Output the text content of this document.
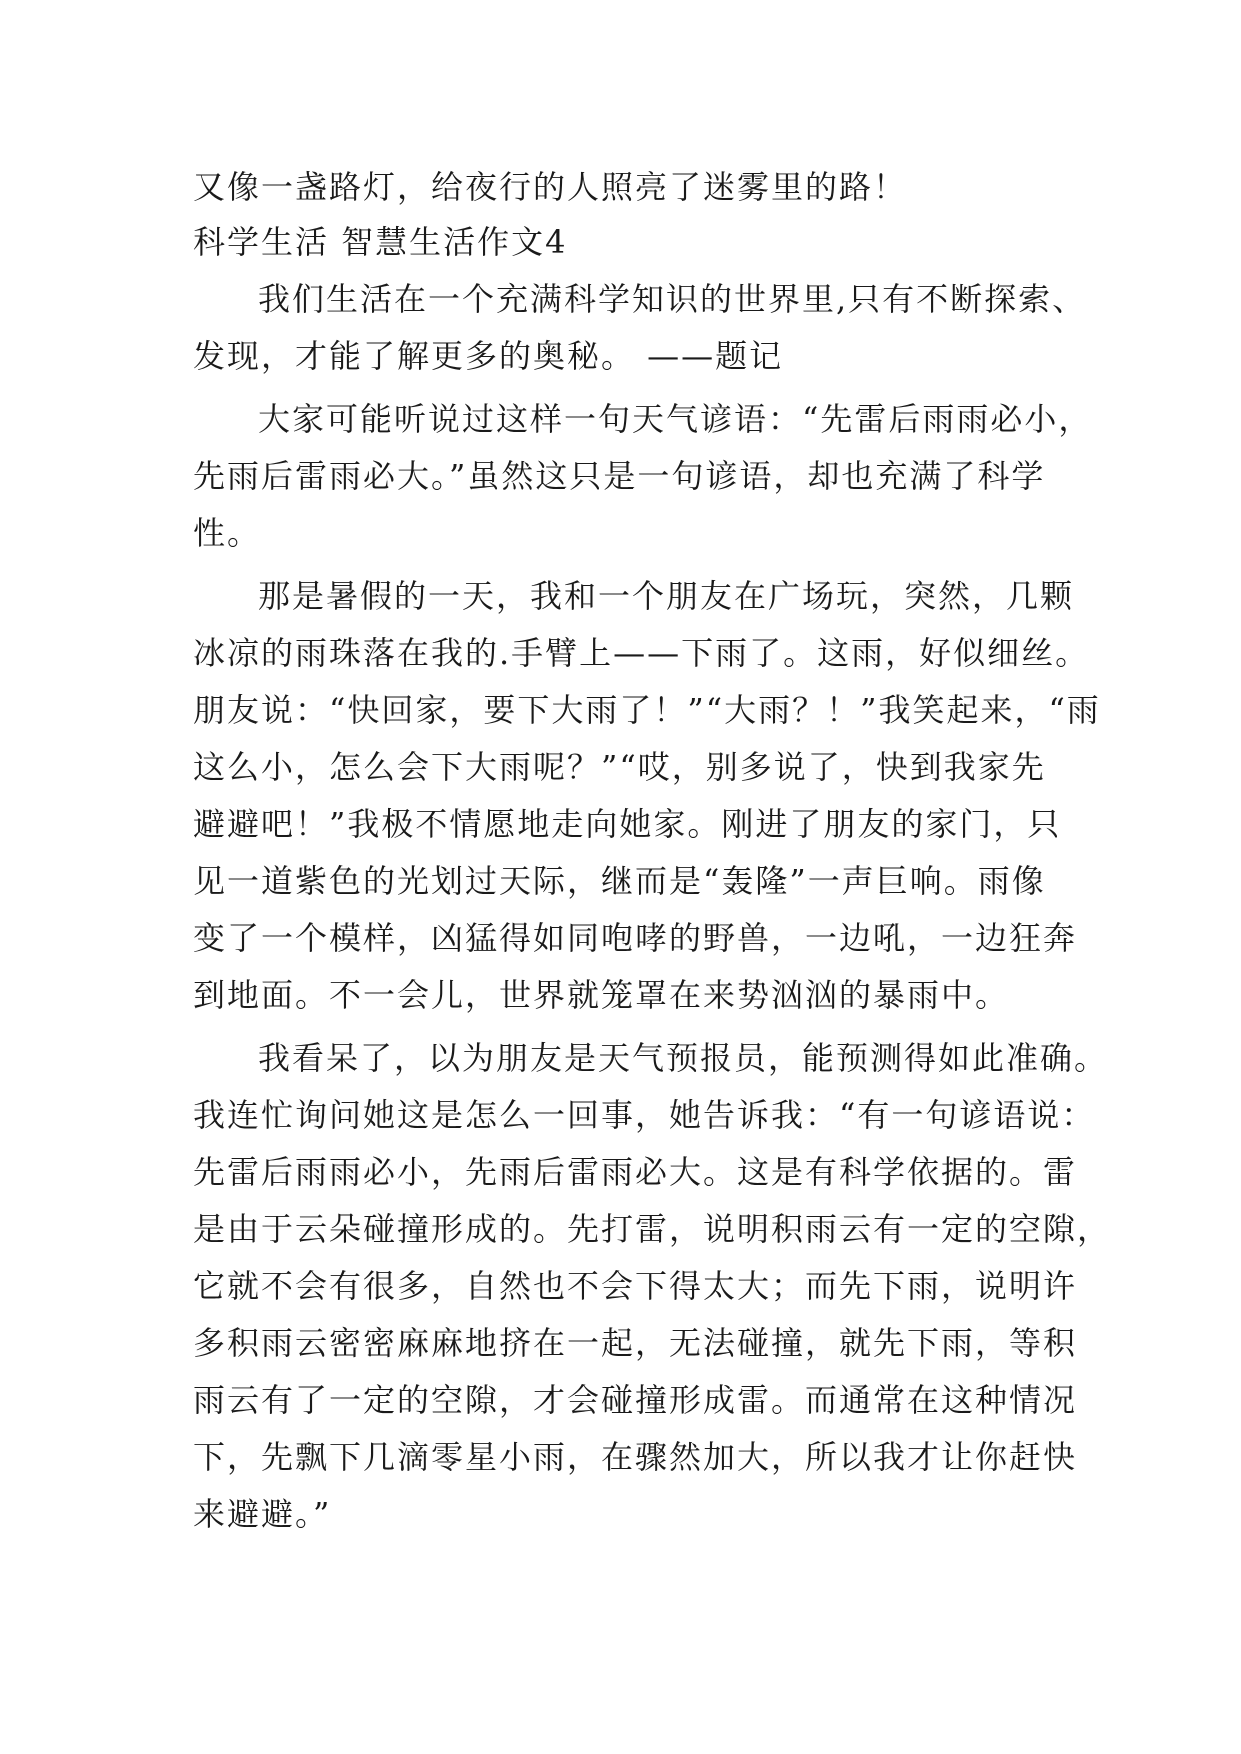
又像一盏路灯，给夜行的人照亮了迷雾里的路！
科学生活 智慧生活作文4
我们生活在一个充满科学知识的世界里,只有不断探索、
发现，才能了解更多的奥秘。 ——题记
大家可能听说过这样一句天气谚语：“先雷后雨雨必小，
先雨后雷雨必大。”虽然这只是一句谚语，却也充满了科学
性。
那是暑假的一天，我和一个朋友在广场玩，突然，几颗
冰凉的雨珠落在我的.手臂上——下雨了。这雨，好似细丝。
朋友说：“快回家，要下大雨了！”“大雨？！”我笑起来，“雨
这么小，怎么会下大雨呢？”“哎，别多说了，快到我家先
避避吧！”我极不情愿地走向她家。刚进了朋友的家门，只
见一道紫色的光划过天际，继而是“轰隆”一声巨响。雨像
变了一个模样，凶猛得如同咆哮的野兽，一边吼，一边狂奔
到地面。不一会儿，世界就笼罩在来势汹汹的暴雨中。
我看呆了，以为朋友是天气预报员，能预测得如此准确。
我连忙询问她这是怎么一回事，她告诉我：“有一句谚语说：
先雷后雨雨必小，先雨后雷雨必大。这是有科学依据的。雷
是由于云朵碰撞形成的。先打雷，说明积雨云有一定的空隙，
它就不会有很多，自然也不会下得太大；而先下雨，说明许
多积雨云密密麻麻地挤在一起，无法碰撞，就先下雨，等积
雨云有了一定的空隙，才会碰撞形成雷。而通常在这种情况
下，先飘下几滴零星小雨，在骤然加大，所以我才让你赶快
来避避。”
